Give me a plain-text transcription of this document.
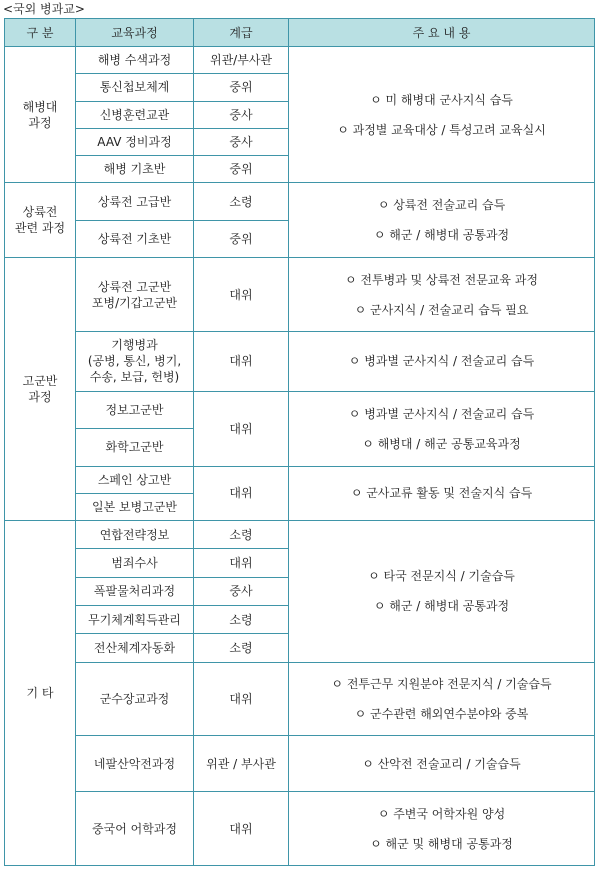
<국외 병과교>
구 분	교육과정	계급	주 요 내 용
해병대
과정	해병 수색과정	위관/부사관	ㅇ 미 해병대 군사지식 습득
ㅇ 과정별 교육대상 / 특성고려 교육실시

	통신첩보체계	중위	
	신병훈련교관	중사	
	AAV 정비과정	중사	
	해병 기초반	중위	
상륙전
관련 과정	상륙전 고급반	소령	ㅇ 상륙전 전술교리 습득
ㅇ 해군 / 해병대 공통과정

	상륙전 기초반	중위	
고군반
과정	상륙전 고군반
포병/기갑고군반	대위	ㅇ 전투병과 및 상륙전 전문교육 과정
ㅇ 군사지식 / 전술교리 습득 필요

	기행병과
(공병, 통신, 병기,
수송, 보급, 헌병)	대위	ㅇ 병과별 군사지식 / 전술교리 습득

	정보고군반	대위	ㅇ 병과별 군사지식 / 전술교리 습득
ㅇ 해병대 / 해군 공통교육과정

	화학고군반		
	스페인 상고반	대위	ㅇ 군사교류 활동 및 전술지식 습득

	일본 보병고군반		
기 타	연합전략정보	소령	ㅇ 타국 전문지식 / 기술습득
ㅇ 해군 / 해병대 공통과정

	범죄수사	대위	
	폭팔물처리과정	중사	
	무기체계획득관리	소령	
	전산체계자동화	소령	
	군수장교과정	대위	ㅇ 전투근무 지원분야 전문지식 / 기술습득
ㅇ 군수관련 해외연수분야와 중복

	네팔산악전과정	위관 / 부사관	ㅇ 산악전 전술교리 / 기술습득

	중국어 어학과정	대위	ㅇ 주변국 어학자원 양성
ㅇ 해군 및 해병대 공통과정
